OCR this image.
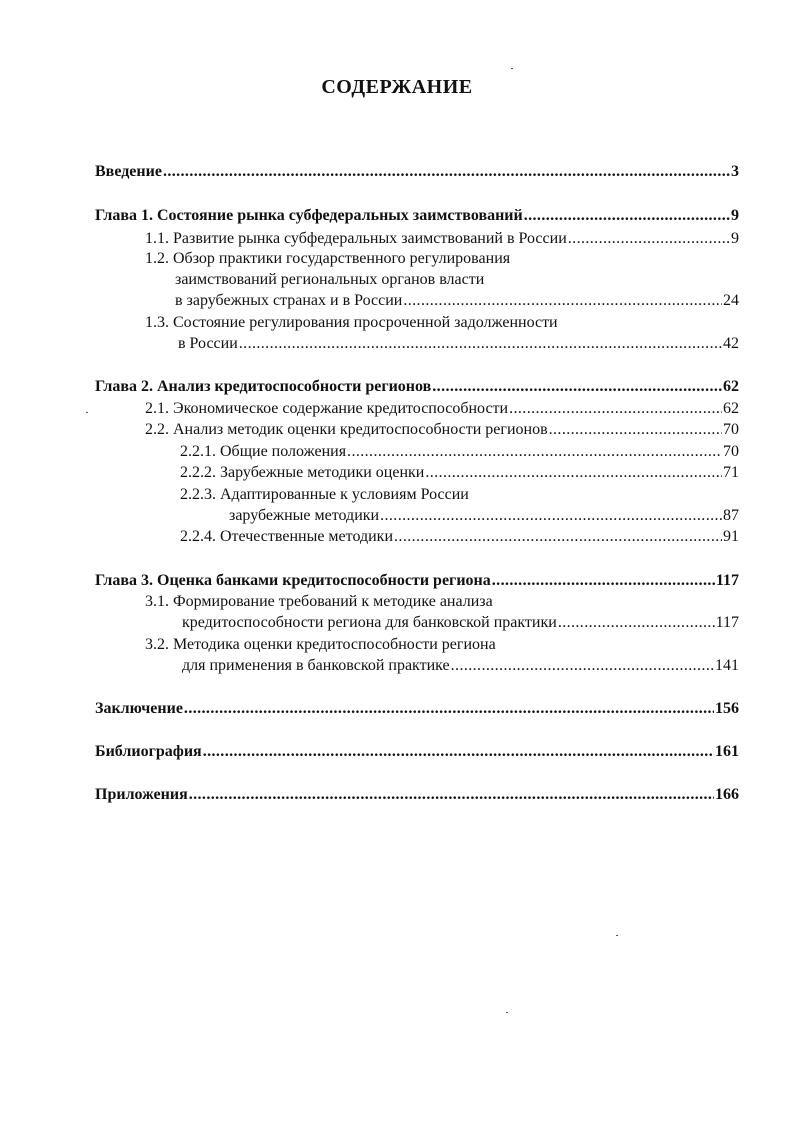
СОДЕРЖАНИЕ
Введение .....	3
Глава 1. Состояние рынка субфедеральных заимствований .....	9
1.1. Развитие рынка субфедеральных заимствований в России .....	9
1.2. Обзор практики государственного регулирования
заимствований региональных органов власти
в зарубежных странах и в России .....	24
1.3. Состояние регулирования просроченной задолженности
в России .....	42
Глава 2. Анализ кредитоспособности регионов .....	62
2.1. Экономическое содержание кредитоспособности .....	62
2.2. Анализ методик оценки кредитоспособности регионов .....	70
2.2.1. Общие положения .....	70
2.2.2. Зарубежные методики оценки .....	71
2.2.3. Адаптированные к условиям России
зарубежные методики .....	87
2.2.4. Отечественные методики .....	91
Глава 3. Оценка банками кредитоспособности региона .....	117
3.1. Формирование требований к методике анализа
кредитоспособности региона для банковской практики .....	117
3.2. Методика оценки кредитоспособности региона
для применения в банковской практике .....	141
Заключение .....	156
Библиография .....	161
Приложения .....	166
